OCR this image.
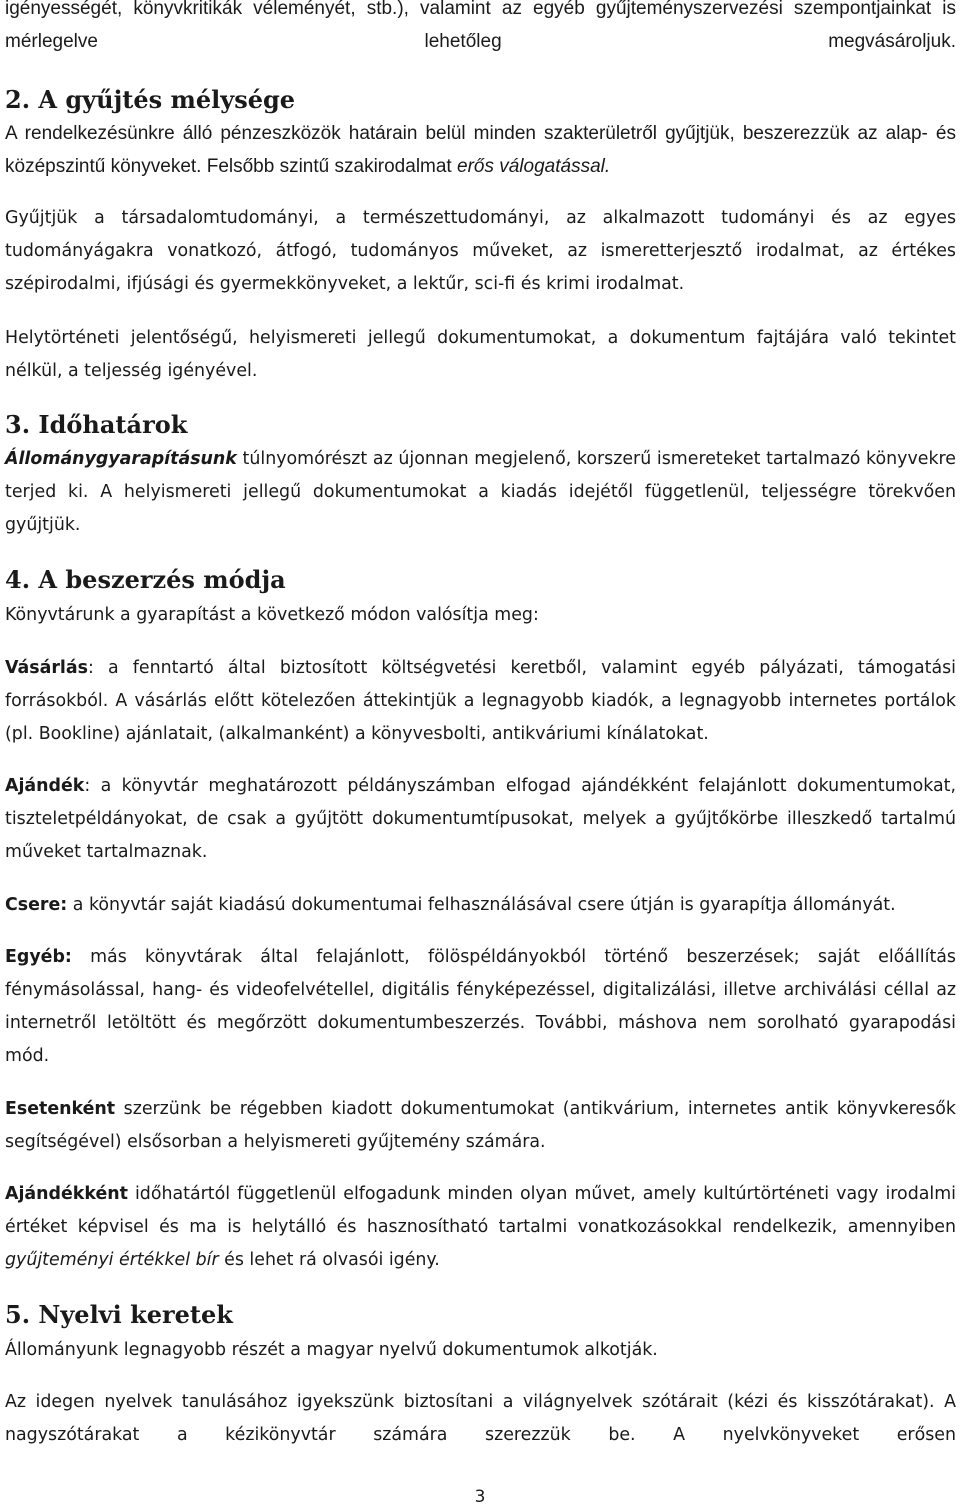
igényességét, könyvkritikák véleményét, stb.), valamint az egyéb gyűjteményszervezési szempontjainkat is mérlegelve lehetőleg megvásároljuk.

2. A gyűjtés mélysége

A rendelkezésünkre álló pénzeszközök határain belül minden szakterületről gyűjtjük, beszerezzük az alap- és középszintű könyveket. Felsőbb szintű szakirodalmat erős válogatással.

Gyűjtjük a társadalomtudományi, a természettudományi, az alkalmazott tudományi és az egyes tudományágakra vonatkozó, átfogó, tudományos műveket, az ismeretterjesztő irodalmat, az értékes szépirodalmi, ifjúsági és gyermekkönyveket, a lektűr, sci-fi és krimi irodalmat.

Helytörténeti jelentőségű, helyismereti jellegű dokumentumokat, a dokumentum fajtájára való tekintet nélkül, a teljesség igényével.

3. Időhatárok

Állománygyarapításunk túlnyomórészt az újonnan megjelenő, korszerű ismereteket tartalmazó könyvekre terjed ki. A helyismereti jellegű dokumentumokat a kiadás idejétől függetlenül, teljességre törekvően gyűjtjük.

4. A beszerzés módja

Könyvtárunk a gyarapítást a következő módon valósítja meg:

Vásárlás: a fenntartó által biztosított költségvetési keretből, valamint egyéb pályázati, támogatási forrásokból. A vásárlás előtt kötelezően áttekintjük a legnagyobb kiadók, a legnagyobb internetes portálok (pl. Bookline) ajánlatait, (alkalmanként) a könyvesbolti, antikváriumi kínálatokat.

Ajándék: a könyvtár meghatározott példányszámban elfogad ajándékként felajánlott dokumentumokat, tiszteletpéldányokat, de csak a gyűjtött dokumentumtípusokat, melyek a gyűjtőkörbe illeszkedő tartalmú műveket tartalmaznak.

Csere: a könyvtár saját kiadású dokumentumai felhasználásával csere útján is gyarapítja állományát.

Egyéb: más könyvtárak által felajánlott, fölöspéldányokból történő beszerzések; saját előállítás fénymásolással, hang- és videofelvétellel, digitális fényképezéssel, digitalizálási, illetve archiválási céllal az internetről letöltött és megőrzött dokumentumbeszerzés. További, máshova nem sorolható gyarapodási mód.

Esetenként szerzünk be régebben kiadott dokumentumokat (antikvárium, internetes antik könyvkeresők segítségével) elsősorban a helyismereti gyűjtemény számára.

Ajándékként időhatártól függetlenül elfogadunk minden olyan művet, amely kultúrtörténeti vagy irodalmi értéket képvisel és ma is helytálló és hasznosítható tartalmi vonatkozásokkal rendelkezik, amennyiben gyűjteményi értékkel bír és lehet rá olvasói igény.

5. Nyelvi keretek

Állományunk legnagyobb részét a magyar nyelvű dokumentumok alkotják.

Az idegen nyelvek tanulásához igyekszünk biztosítani a világnyelvek szótárait (kézi és kisszótárakat). A nagyszótárakat a kézikönyvtár számára szerezzük be. A nyelvkönyveket erősen

3
